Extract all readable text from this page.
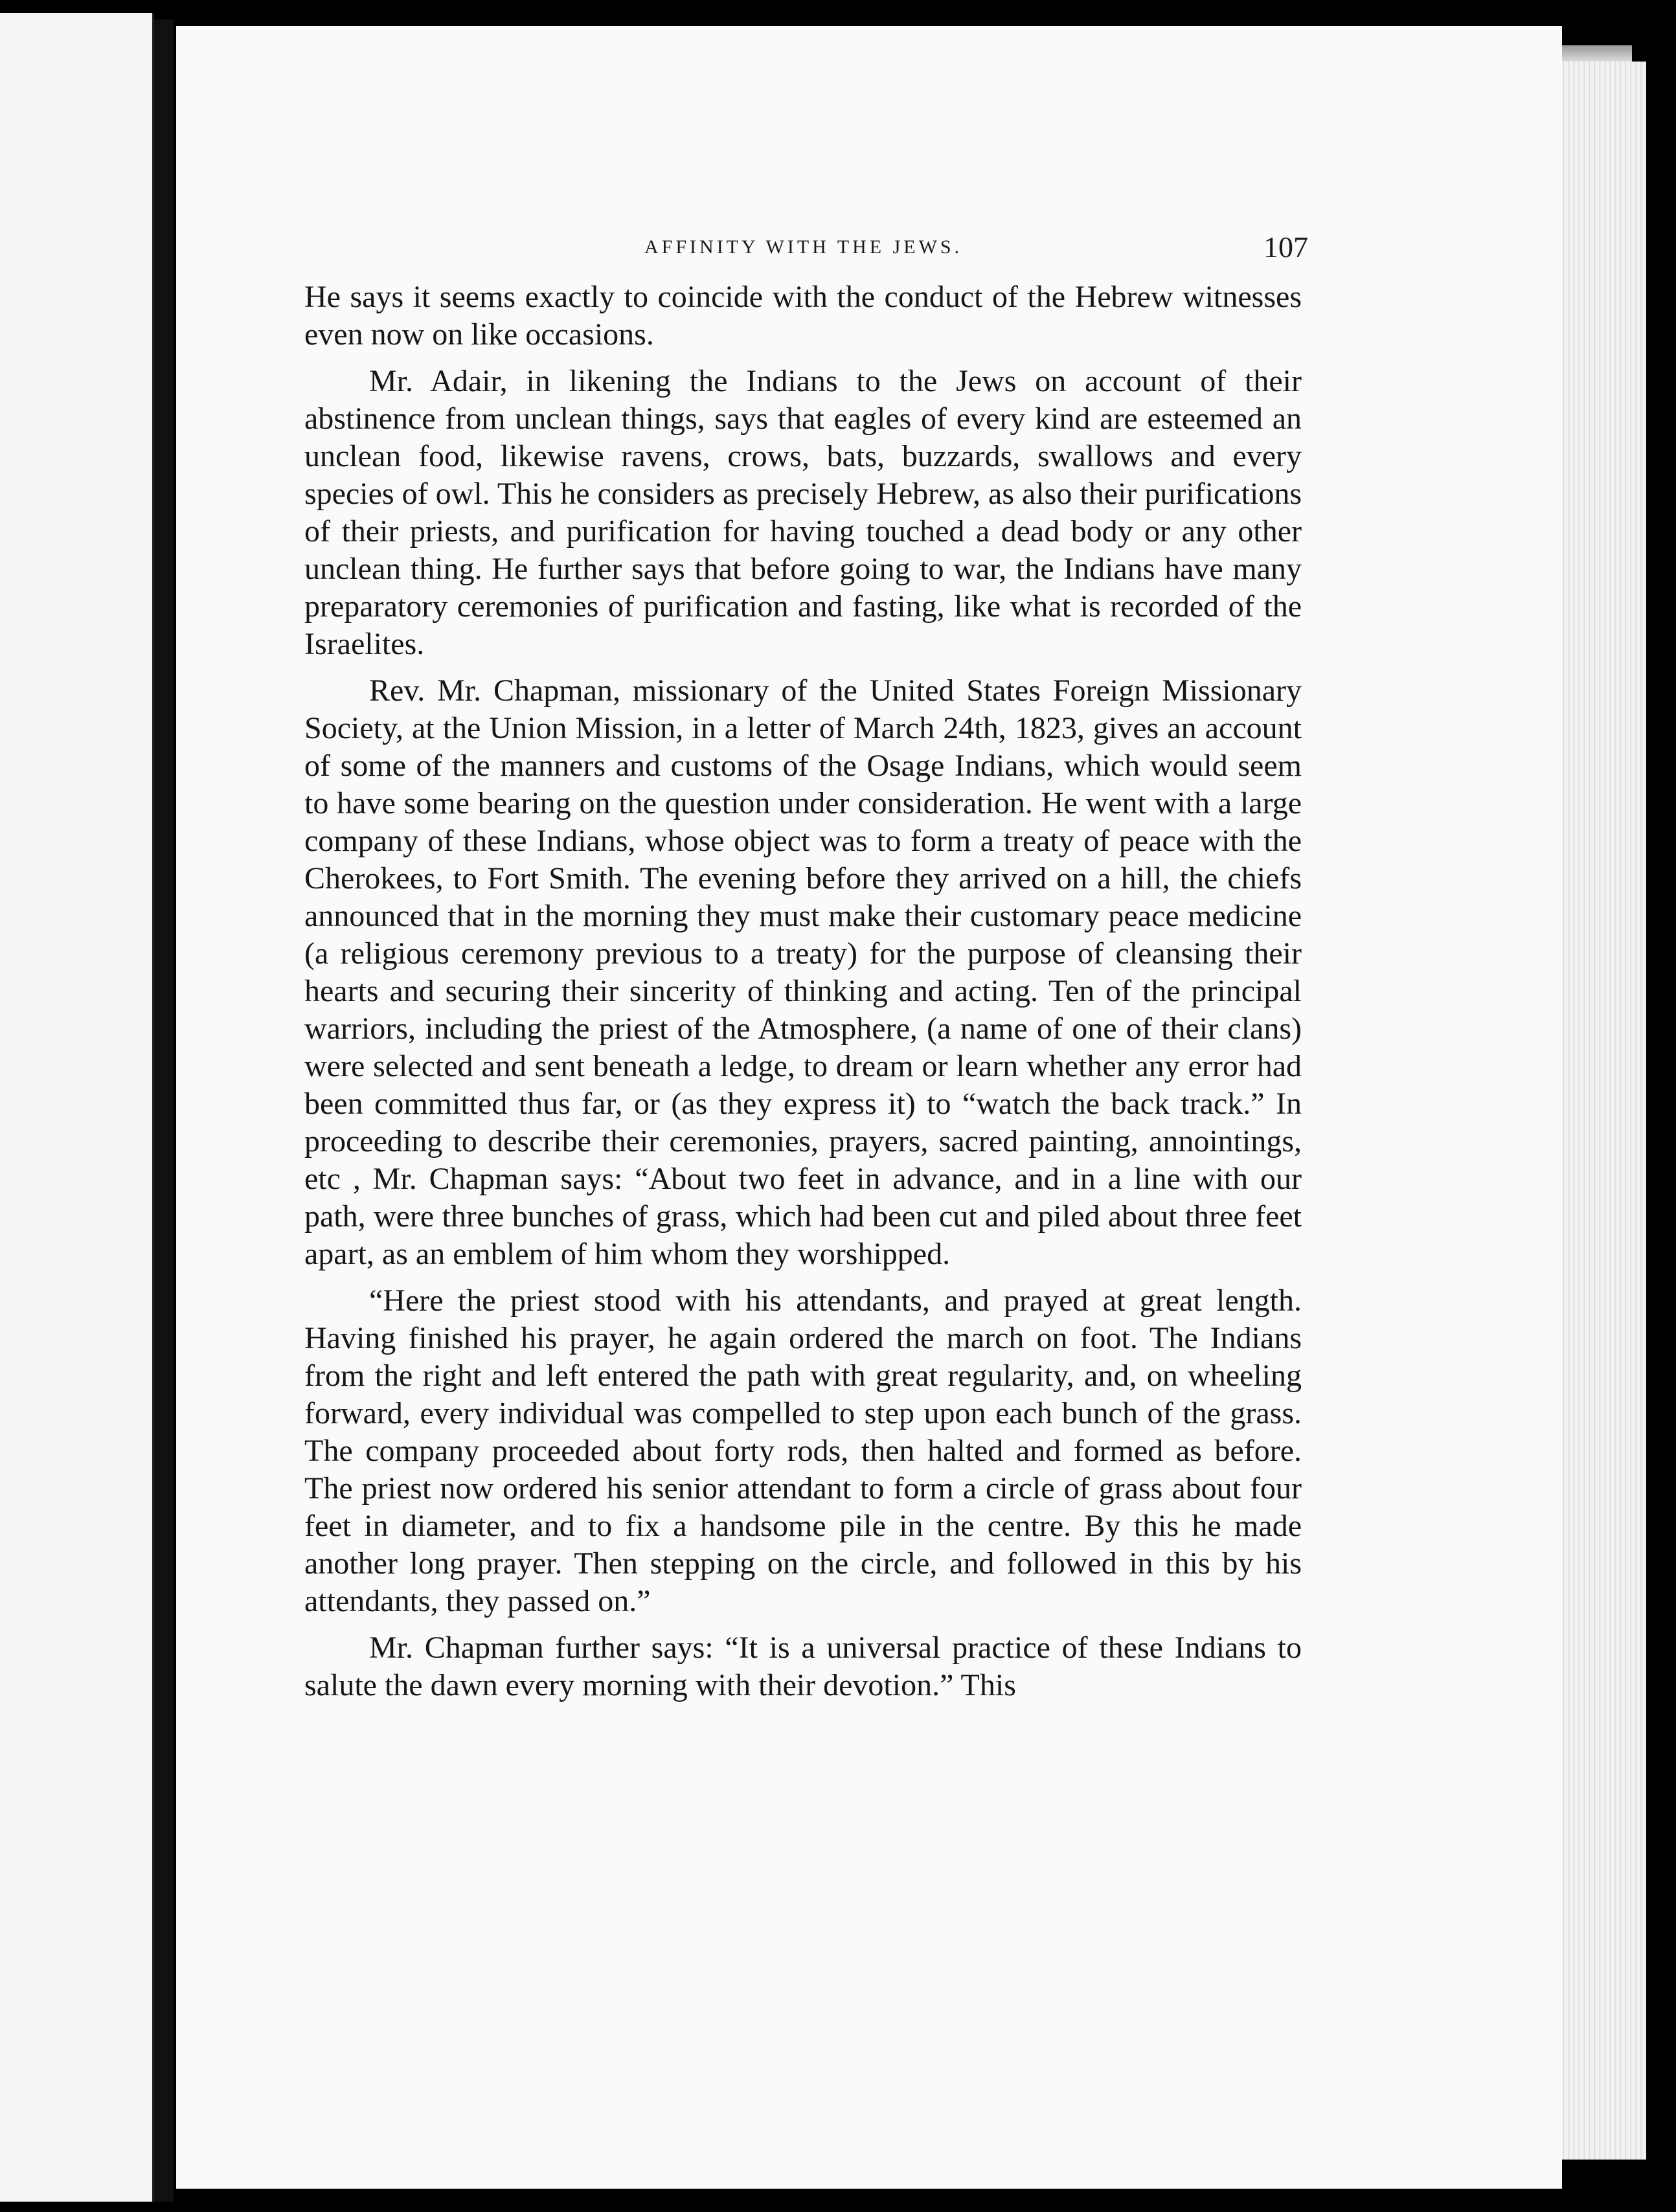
AFFINITY WITH THE JEWS.	107

He says it seems exactly to coincide with the conduct of the Hebrew witnesses even now on like occasions.

Mr. Adair, in likening the Indians to the Jews on account of their abstinence from unclean things, says that eagles of every kind are esteemed an unclean food, likewise ravens, crows, bats, buzzards, swallows and every species of owl. This he considers as precisely Hebrew, as also their purifications of their priests, and purification for having touched a dead body or any other unclean thing. He further says that before going to war, the Indians have many preparatory ceremonies of purification and fasting, like what is recorded of the Israelites.

Rev. Mr. Chapman, missionary of the United States Foreign Missionary Society, at the Union Mission, in a letter of March 24th, 1823, gives an account of some of the manners and customs of the Osage Indians, which would seem to have some bearing on the question under consideration. He went with a large company of these Indians, whose object was to form a treaty of peace with the Cherokees, to Fort Smith. The evening before they arrived on a hill, the chiefs announced that in the morning they must make their customary peace medicine (a religious ceremony previous to a treaty) for the purpose of cleansing their hearts and securing their sincerity of thinking and acting. Ten of the principal warriors, including the priest of the Atmosphere, (a name of one of their clans) were selected and sent beneath a ledge, to dream or learn whether any error had been committed thus far, or (as they express it) to “watch the back track.” In proceeding to describe their ceremonies, prayers, sacred painting, annointings, etc , Mr. Chapman says: “About two feet in advance, and in a line with our path, were three bunches of grass, which had been cut and piled about three feet apart, as an emblem of him whom they worshipped.

“Here the priest stood with his attendants, and prayed at great length. Having finished his prayer, he again ordered the march on foot. The Indians from the right and left entered the path with great regularity, and, on wheeling forward, every individual was compelled to step upon each bunch of the grass. The company proceeded about forty rods, then halted and formed as before. The priest now ordered his senior attendant to form a circle of grass about four feet in diameter, and to fix a handsome pile in the centre. By this he made another long prayer. Then stepping on the circle, and followed in this by his attendants, they passed on.”

Mr. Chapman further says: “It is a universal practice of these Indians to salute the dawn every morning with their devotion.” This
